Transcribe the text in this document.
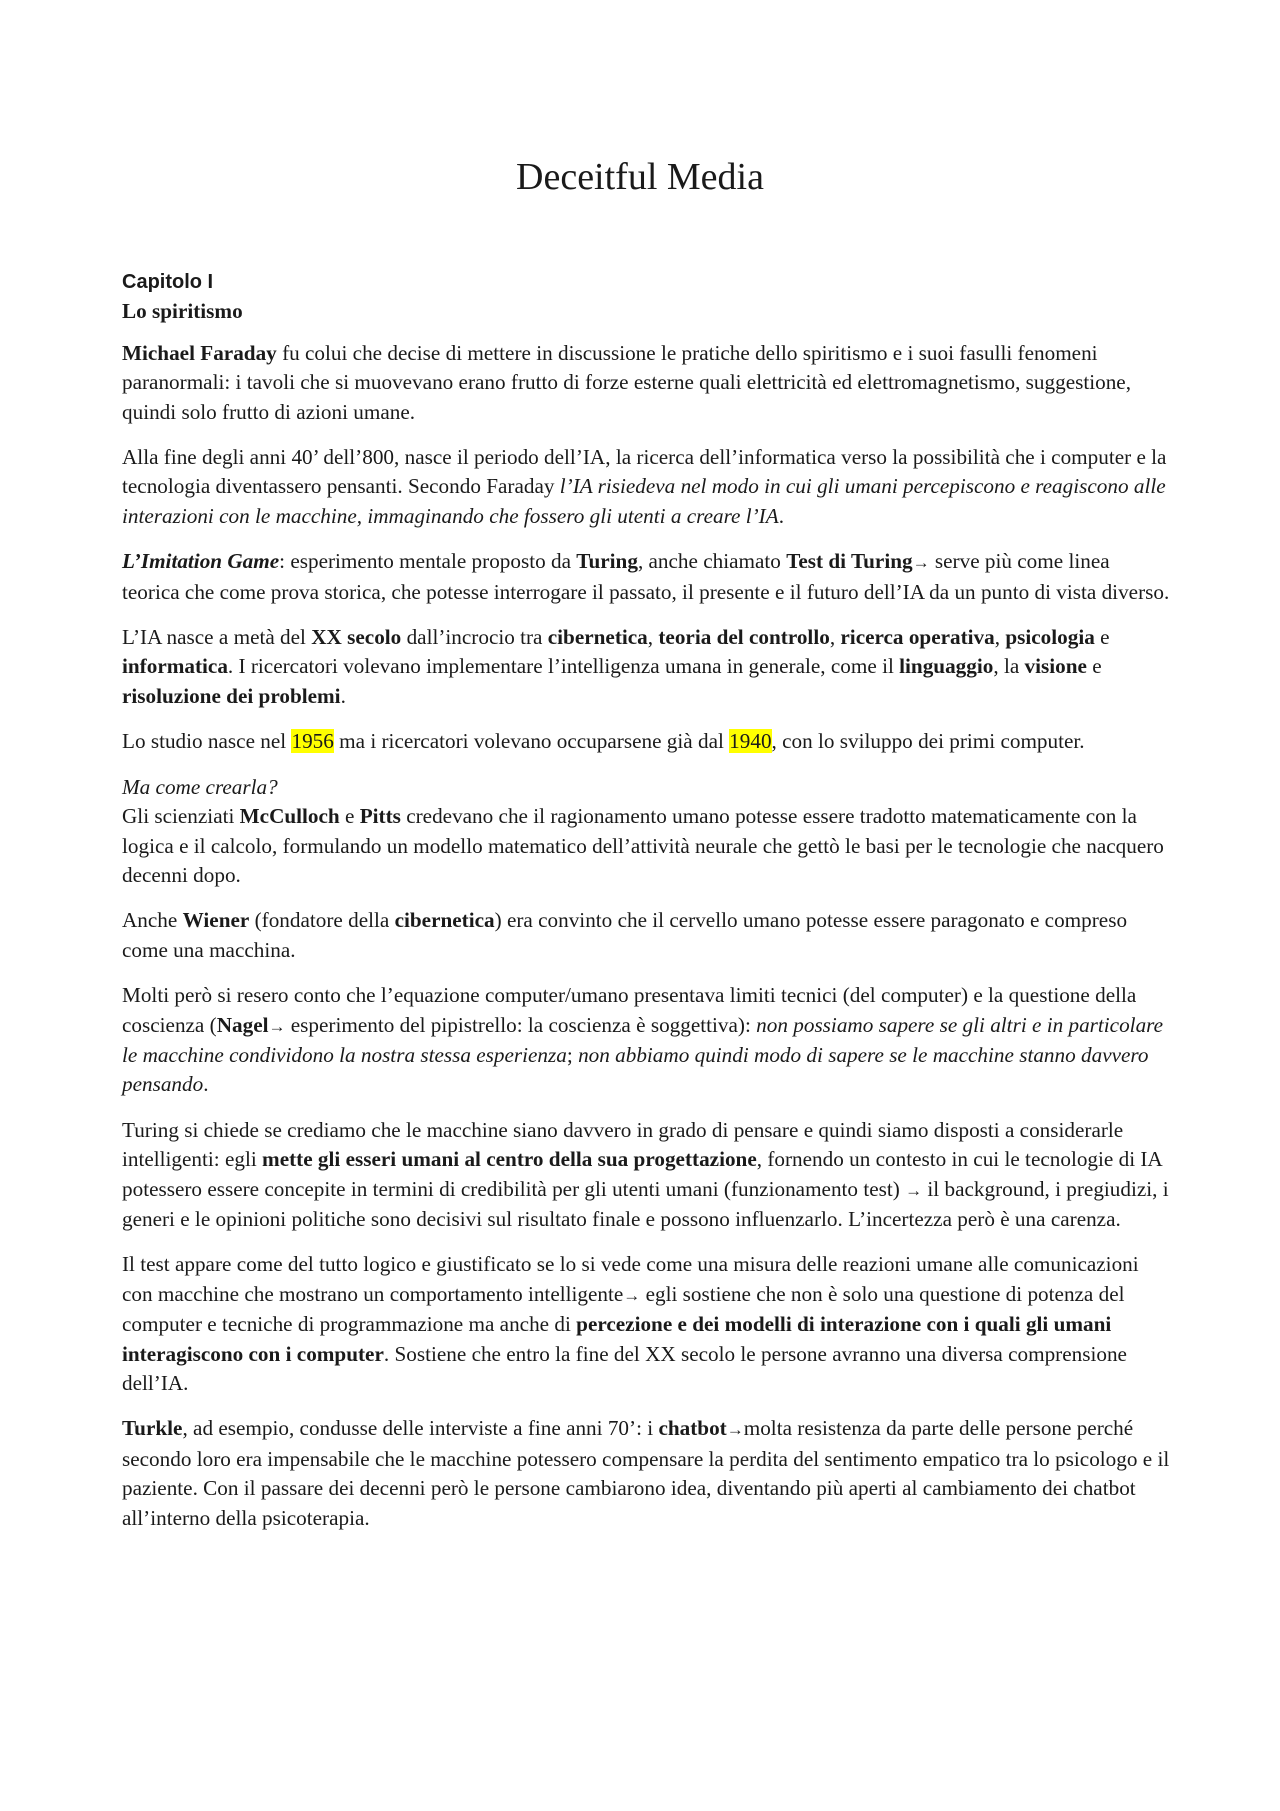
Deceitful Media
Capitolo I
Lo spiritismo

Michael Faraday fu colui che decise di mettere in discussione le pratiche dello spiritismo e i suoi fasulli fenomeni paranormali: i tavoli che si muovevano erano frutto di forze esterne quali elettricità ed elettromagnetismo, suggestione, quindi solo frutto di azioni umane.

Alla fine degli anni 40’ dell’800, nasce il periodo dell’IA, la ricerca dell’informatica verso la possibilità che i computer e la tecnologia diventassero pensanti. Secondo Faraday l’IA risiedeva nel modo in cui gli umani percepiscono e reagiscono alle interazioni con le macchine, immaginando che fossero gli utenti a creare l’IA.

L’Imitation Game: esperimento mentale proposto da Turing, anche chiamato Test di Turing→ serve più come linea teorica che come prova storica, che potesse interrogare il passato, il presente e il futuro dell’IA da un punto di vista diverso.

L’IA nasce a metà del XX secolo dall’incrocio tra cibernetica, teoria del controllo, ricerca operativa, psicologia e informatica. I ricercatori volevano implementare l’intelligenza umana in generale, come il linguaggio, la visione e risoluzione dei problemi.

Lo studio nasce nel 1956 ma i ricercatori volevano occuparsene già dal 1940, con lo sviluppo dei primi computer.

Ma come crearla?
Gli scienziati McCulloch e Pitts credevano che il ragionamento umano potesse essere tradotto matematicamente con la logica e il calcolo, formulando un modello matematico dell’attività neurale che gettò le basi per le tecnologie che nacquero decenni dopo.

Anche Wiener (fondatore della cibernetica) era convinto che il cervello umano potesse essere paragonato e compreso come una macchina.

Molti però si resero conto che l’equazione computer/umano presentava limiti tecnici (del computer) e la questione della coscienza (Nagel→ esperimento del pipistrello: la coscienza è soggettiva): non possiamo sapere se gli altri e in particolare le macchine condividono la nostra stessa esperienza; non abbiamo quindi modo di sapere se le macchine stanno davvero pensando.

Turing si chiede se crediamo che le macchine siano davvero in grado di pensare e quindi siamo disposti a considerarle intelligenti: egli mette gli esseri umani al centro della sua progettazione, fornendo un contesto in cui le tecnologie di IA potessero essere concepite in termini di credibilità per gli utenti umani (funzionamento test) → il background, i pregiudizi, i generi e le opinioni politiche sono decisivi sul risultato finale e possono influenzarlo. L’incertezza però è una carenza.

Il test appare come del tutto logico e giustificato se lo si vede come una misura delle reazioni umane alle comunicazioni con macchine che mostrano un comportamento intelligente→ egli sostiene che non è solo una questione di potenza del computer e tecniche di programmazione ma anche di percezione e dei modelli di interazione con i quali gli umani interagiscono con i computer. Sostiene che entro la fine del XX secolo le persone avranno una diversa comprensione dell’IA.

Turkle, ad esempio, condusse delle interviste a fine anni 70’: i chatbot→molta resistenza da parte delle persone perché secondo loro era impensabile che le macchine potessero compensare la perdita del sentimento empatico tra lo psicologo e il paziente. Con il passare dei decenni però le persone cambiarono idea, diventando più aperti al cambiamento dei chatbot all’interno della psicoterapia.
